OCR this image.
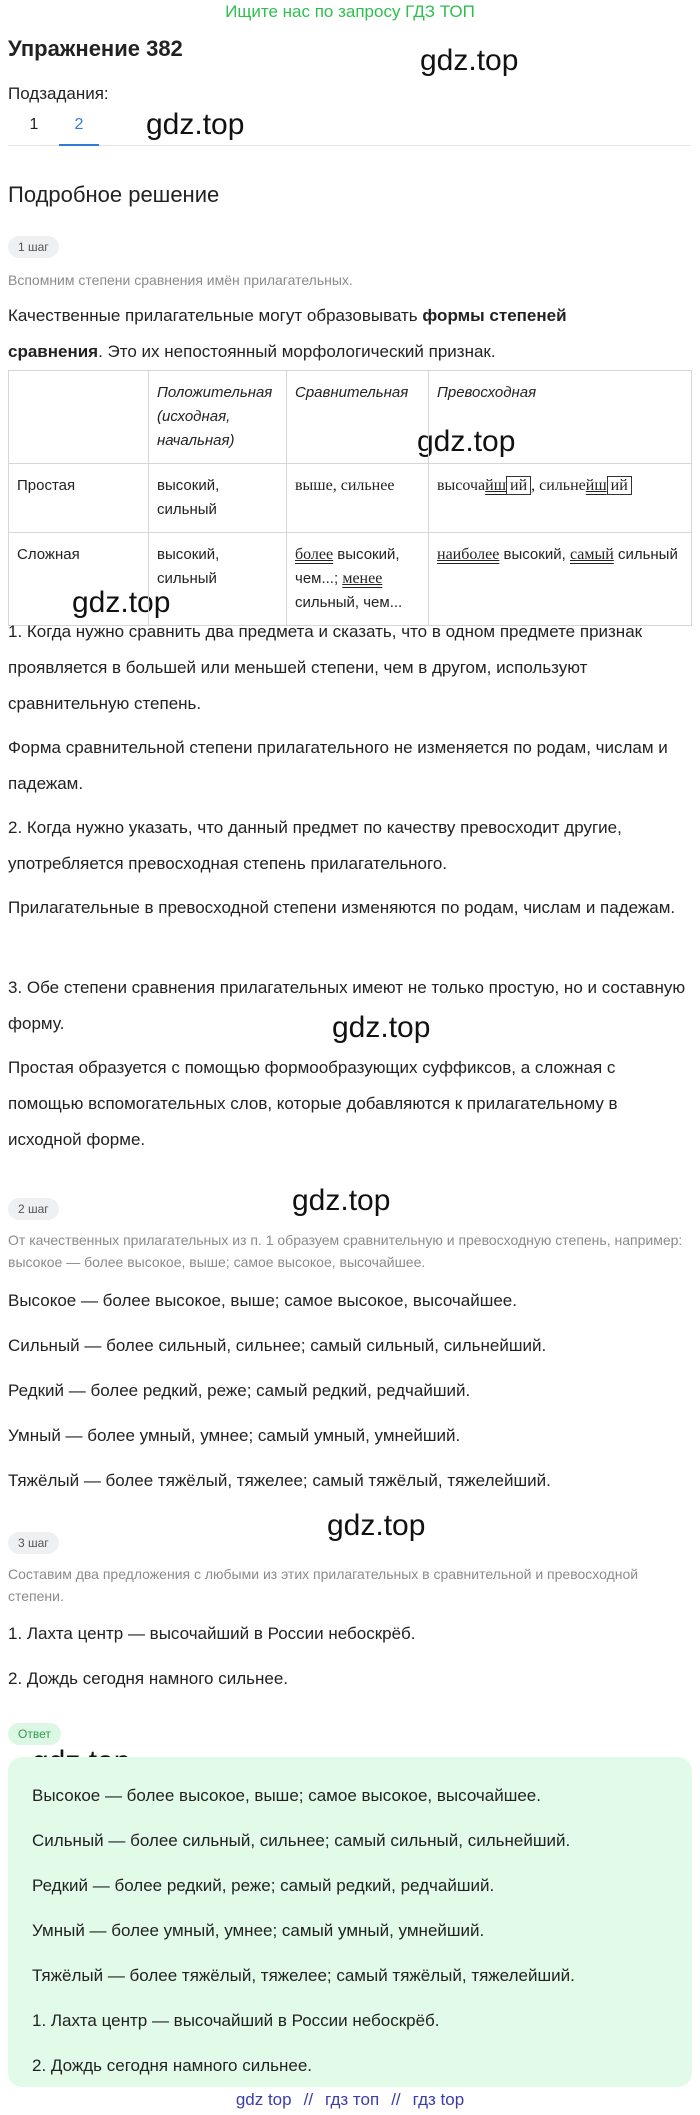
Ищите нас по запросу ГДЗ ТОП
Упражнение 382	gdz.top
gdz.top
gdz.top
gdz.top
gdz.top
gdz.top
gdz.top
Подзадания:
1	2
Подробное решение
1 шаг
Вспомним степени сравнения имён прилагательных.
Качественные прилагательные могут образовывать формы степеней
сравнения. Это их непостоянный морфологический признак.
	Положительная (исходная, начальная)	Сравнительная	Превосходная
Простая	высокий, сильный	выше, сильнее	высочайш ий , сильнейш ий
Сложная	высокий, сильный	более высокий, чем...; менее сильный, чем...	наиболее высокий, самый сильный
1. Когда нужно сравнить два предмета и сказать, что в одном предмете признак проявляется в большей или меньшей степени, чем в другом, используют сравнительную степень.
Форма сравнительной степени прилагательного не изменяется по родам, числам и падежам.
2. Когда нужно указать, что данный предмет по качеству превосходит другие, употребляется превосходная степень прилагательного.
Прилагательные в превосходной степени изменяются по родам, числам и падежам.
3. Обе степени сравнения прилагательных имеют не только простую, но и составную форму.
Простая образуется с помощью формообразующих суффиксов, а сложная с помощью вспомогательных слов, которые добавляются к прилагательному в исходной форме.
2 шаг
От качественных прилагательных из п. 1 образуем сравнительную и превосходную степень, например: высокое — более высокое, выше; самое высокое, высочайшее.
Высокое — более высокое, выше; самое высокое, высочайшее.
Сильный — более сильный, сильнее; самый сильный, сильнейший.
Редкий — более редкий, реже; самый редкий, редчайший.
Умный — более умный, умнее; самый умный, умнейший.
Тяжёлый — более тяжёлый, тяжелее; самый тяжёлый, тяжелейший.
3 шаг
Составим два предложения с любыми из этих прилагательных в сравнительной и превосходной степени.
1. Лахта центр — высочайший в России небоскрёб.
2. Дождь сегодня намного сильнее.
Ответ
Высокое — более высокое, выше; самое высокое, высочайшее.
Сильный — более сильный, сильнее; самый сильный, сильнейший.
Редкий — более редкий, реже; самый редкий, редчайший.
Умный — более умный, умнее; самый умный, умнейший.
Тяжёлый — более тяжёлый, тяжелее; самый тяжёлый, тяжелейший.
1. Лахта центр — высочайший в России небоскрёб.
2. Дождь сегодня намного сильнее.
gdz top // гдз топ // гдз top
